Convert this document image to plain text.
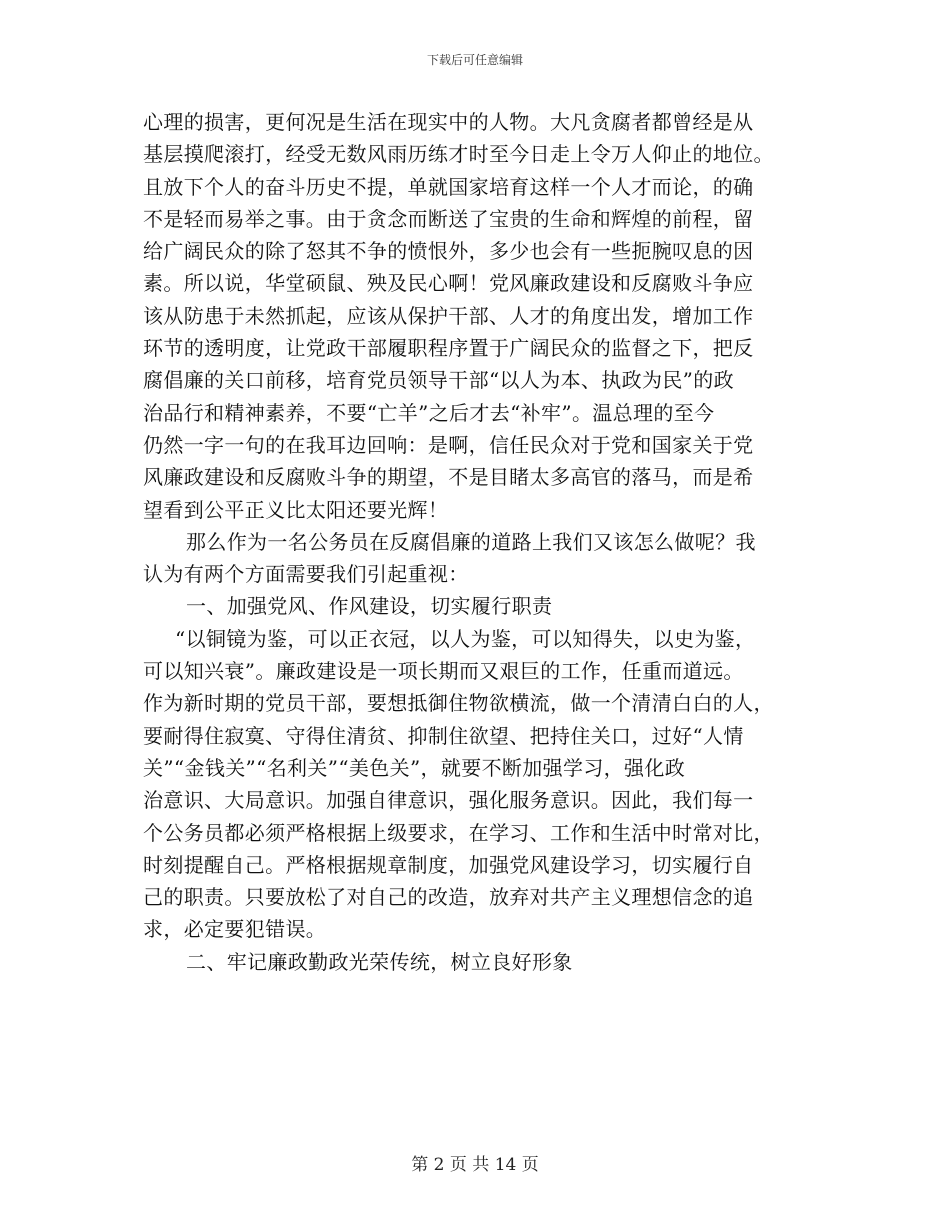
下载后可任意编辑
心理的损害，更何况是生活在现实中的人物。大凡贪腐者都曾经是从
基层摸爬滚打，经受无数风雨历练才时至今日走上令万人仰止的地位。
且放下个人的奋斗历史不提，单就国家培育这样一个人才而论，的确
不是轻而易举之事。由于贪念而断送了宝贵的生命和辉煌的前程，留
给广阔民众的除了怒其不争的愤恨外，多少也会有一些扼腕叹息的因
素。所以说，华堂硕鼠、殃及民心啊！党风廉政建设和反腐败斗争应
该从防患于未然抓起，应该从保护干部、人才的角度出发，增加工作
环节的透明度，让党政干部履职程序置于广阔民众的监督之下，把反
腐倡廉的关口前移，培育党员领导干部“以人为本、执政为民”的政
治品行和精神素养，不要“亡羊”之后才去“补牢”。温总理的至今
仍然一字一句的在我耳边回响：是啊，信任民众对于党和国家关于党
风廉政建设和反腐败斗争的期望，不是目睹太多高官的落马，而是希
望看到公平正义比太阳还要光辉！
那么作为一名公务员在反腐倡廉的道路上我们又该怎么做呢？我
认为有两个方面需要我们引起重视：
一、加强党风、作风建设，切实履行职责
“以铜镜为鉴，可以正衣冠，以人为鉴，可以知得失，以史为鉴，
可以知兴衰”。廉政建设是一项长期而又艰巨的工作，任重而道远。
作为新时期的党员干部，要想抵御住物欲横流，做一个清清白白的人，
要耐得住寂寞、守得住清贫、抑制住欲望、把持住关口，过好“人情
关”“金钱关”“名利关”“美色关”，就要不断加强学习，强化政
治意识、大局意识。加强自律意识，强化服务意识。因此，我们每一
个公务员都必须严格根据上级要求，在学习、工作和生活中时常对比，
时刻提醒自己。严格根据规章制度，加强党风建设学习，切实履行自
己的职责。只要放松了对自己的改造，放弃对共产主义理想信念的追
求，必定要犯错误。
二、牢记廉政勤政光荣传统，树立良好形象
第 2 页 共 14 页
